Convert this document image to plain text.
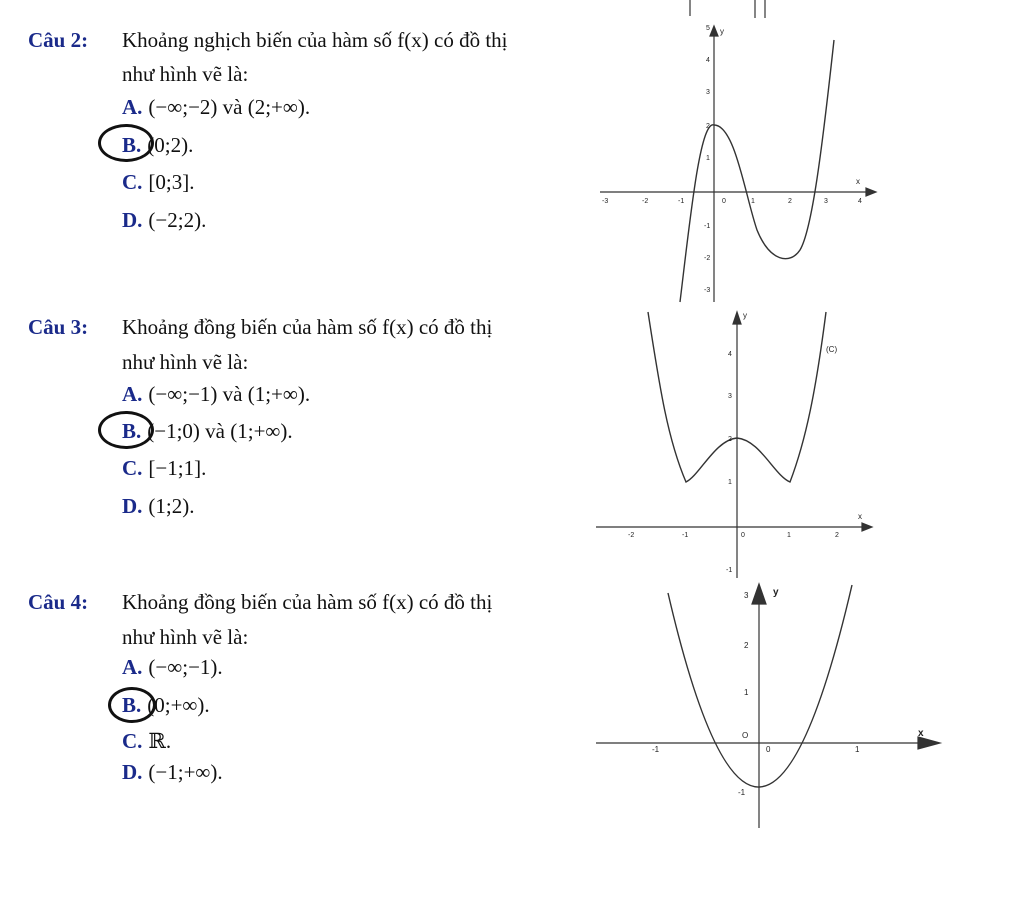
Câu 2: Khoảng nghịch biến của hàm số f(x) có đồ thị
như hình vẽ là:
A. (−∞;−2) và (2;+∞).
B. (0;2).
C. [0;3].
D. (−2;2).
-3	-2	-1	0	1	2	3	4
5
4
3
2
1
-1
-2
-3
y
x
Câu 3: Khoảng đồng biến của hàm số f(x) có đồ thị
như hình vẽ là:
A. (−∞;−1) và (1;+∞).
B. (−1;0) và (1;+∞).
C. [−1;1].
D. (1;2).
-2	-1	0	1	2
4
3
2
1
-1
y
x
(C)
Câu 4: Khoảng đồng biến của hàm số f(x) có đồ thị
như hình vẽ là:
A. (−∞;−1).
B. (0;+∞).
C. ℝ.
D. (−1;+∞).
-1	0	1
3
2
1
-1
O
y
x
